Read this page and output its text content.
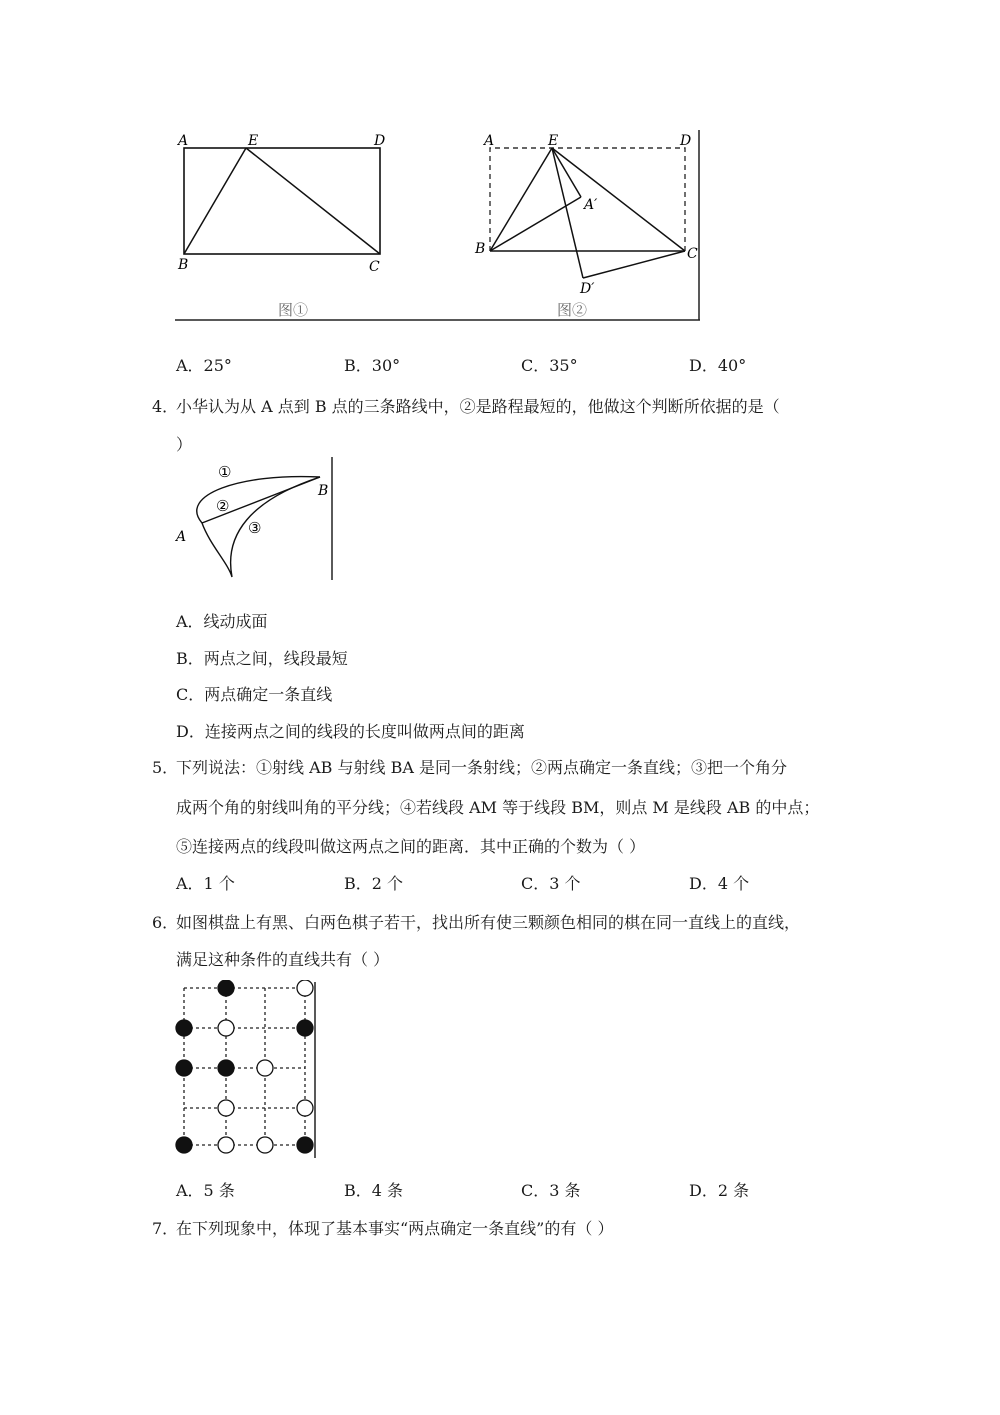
A	E	D
B	C
图①
A	E	D
B	C
A′
D′
图②
A．25°	B．30°	C．35°	D．40°
4．
小华认为从 A 点到 B 点的三条路线中，②是路程最短的，他做这个判断所依据的是（
）
①
②
③
A
B
A．线动成面
B．两点之间，线段最短
C．两点确定一条直线
D．连接两点之间的线段的长度叫做两点间的距离
5．
下列说法：①射线 AB 与射线 BA 是同一条射线；②两点确定一条直线；③把一个角分
成两个角的射线叫角的平分线；④若线段 AM 等于线段 BM，则点 M 是线段 AB 的中点；
⑤连接两点的线段叫做这两点之间的距离．其中正确的个数为（ ）
A．1 个	B．2 个	C．3 个	D．4 个
6．
如图棋盘上有黑、白两色棋子若干，找出所有使三颗颜色相同的棋在同一直线上的直线，
满足这种条件的直线共有（ ）
A．5 条	B．4 条	C．3 条	D．2 条
7．
在下列现象中，体现了基本事实“两点确定一条直线”的有（ ）
